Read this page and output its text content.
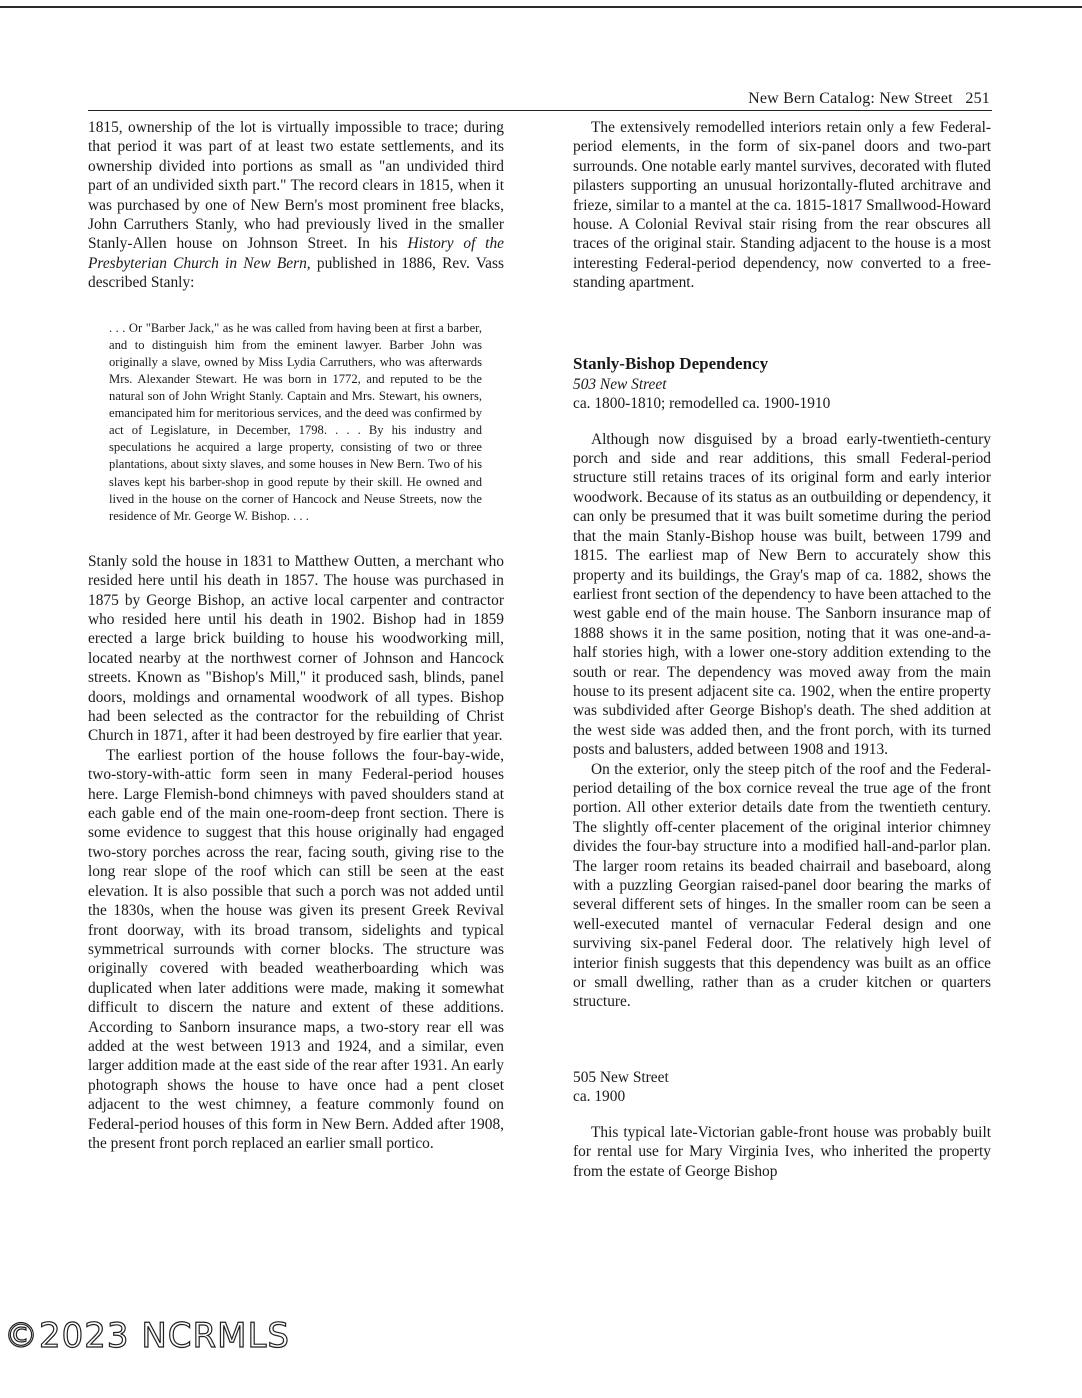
New Bern Catalog: New Street 251

1815, ownership of the lot is virtually impossible to trace; during that period it was part of at least two estate settlements, and its ownership divided into portions as small as "an undivided third part of an undivided sixth part." The record clears in 1815, when it was purchased by one of New Bern's most prominent free blacks, John Carruthers Stanly, who had previously lived in the smaller Stanly-Allen house on Johnson Street. In his History of the Presbyterian Church in New Bern, published in 1886, Rev. Vass described Stanly:

. . . Or "Barber Jack," as he was called from having been at first a barber, and to distinguish him from the eminent lawyer. Barber John was originally a slave, owned by Miss Lydia Carruthers, who was afterwards Mrs. Alexander Stewart. He was born in 1772, and reputed to be the natural son of John Wright Stanly. Captain and Mrs. Stewart, his owners, emancipated him for meritorious services, and the deed was confirmed by act of Legislature, in December, 1798. . . . By his industry and speculations he acquired a large property, consisting of two or three plantations, about sixty slaves, and some houses in New Bern. Two of his slaves kept his barber-shop in good repute by their skill. He owned and lived in the house on the corner of Hancock and Neuse Streets, now the residence of Mr. George W. Bishop. . . .

Stanly sold the house in 1831 to Matthew Outten, a merchant who resided here until his death in 1857. The house was purchased in 1875 by George Bishop, an active local carpenter and contractor who resided here until his death in 1902. Bishop had in 1859 erected a large brick building to house his woodworking mill, located nearby at the northwest corner of Johnson and Hancock streets. Known as "Bishop's Mill," it produced sash, blinds, panel doors, moldings and ornamental woodwork of all types. Bishop had been selected as the contractor for the rebuilding of Christ Church in 1871, after it had been destroyed by fire earlier that year.

The earliest portion of the house follows the four-bay-wide, two-story-with-attic form seen in many Federal-period houses here. Large Flemish-bond chimneys with paved shoulders stand at each gable end of the main one-room-deep front section. There is some evidence to suggest that this house originally had engaged two-story porches across the rear, facing south, giving rise to the long rear slope of the roof which can still be seen at the east elevation. It is also possible that such a porch was not added until the 1830s, when the house was given its present Greek Revival front doorway, with its broad transom, sidelights and typical symmetrical surrounds with corner blocks. The structure was originally covered with beaded weatherboarding which was duplicated when later additions were made, making it somewhat difficult to discern the nature and extent of these additions. According to Sanborn insurance maps, a two-story rear ell was added at the west between 1913 and 1924, and a similar, even larger addition made at the east side of the rear after 1931. An early photograph shows the house to have once had a pent closet adjacent to the west chimney, a feature commonly found on Federal-period houses of this form in New Bern. Added after 1908, the present front porch replaced an earlier small portico.

The extensively remodelled interiors retain only a few Federal-period elements, in the form of six-panel doors and two-part surrounds. One notable early mantel survives, decorated with fluted pilasters supporting an unusual horizontally-fluted architrave and frieze, similar to a mantel at the ca. 1815-1817 Smallwood-Howard house. A Colonial Revival stair rising from the rear obscures all traces of the original stair. Standing adjacent to the house is a most interesting Federal-period dependency, now converted to a free-standing apartment.

Stanly-Bishop Dependency
503 New Street
ca. 1800-1810; remodelled ca. 1900-1910

Although now disguised by a broad early-twentieth-century porch and side and rear additions, this small Federal-period structure still retains traces of its original form and early interior woodwork. Because of its status as an outbuilding or dependency, it can only be presumed that it was built sometime during the period that the main Stanly-Bishop house was built, between 1799 and 1815. The earliest map of New Bern to accurately show this property and its buildings, the Gray's map of ca. 1882, shows the earliest front section of the dependency to have been attached to the west gable end of the main house. The Sanborn insurance map of 1888 shows it in the same position, noting that it was one-and-a-half stories high, with a lower one-story addition extending to the south or rear. The dependency was moved away from the main house to its present adjacent site ca. 1902, when the entire property was subdivided after George Bishop's death. The shed addition at the west side was added then, and the front porch, with its turned posts and balusters, added between 1908 and 1913.

On the exterior, only the steep pitch of the roof and the Federal-period detailing of the box cornice reveal the true age of the front portion. All other exterior details date from the twentieth century. The slightly off-center placement of the original interior chimney divides the four-bay structure into a modified hall-and-parlor plan. The larger room retains its beaded chairrail and baseboard, along with a puzzling Georgian raised-panel door bearing the marks of several different sets of hinges. In the smaller room can be seen a well-executed mantel of vernacular Federal design and one surviving six-panel Federal door. The relatively high level of interior finish suggests that this dependency was built as an office or small dwelling, rather than as a cruder kitchen or quarters structure.

505 New Street
ca. 1900

This typical late-Victorian gable-front house was probably built for rental use for Mary Virginia Ives, who inherited the property from the estate of George Bishop

©2023 NCRMLS
